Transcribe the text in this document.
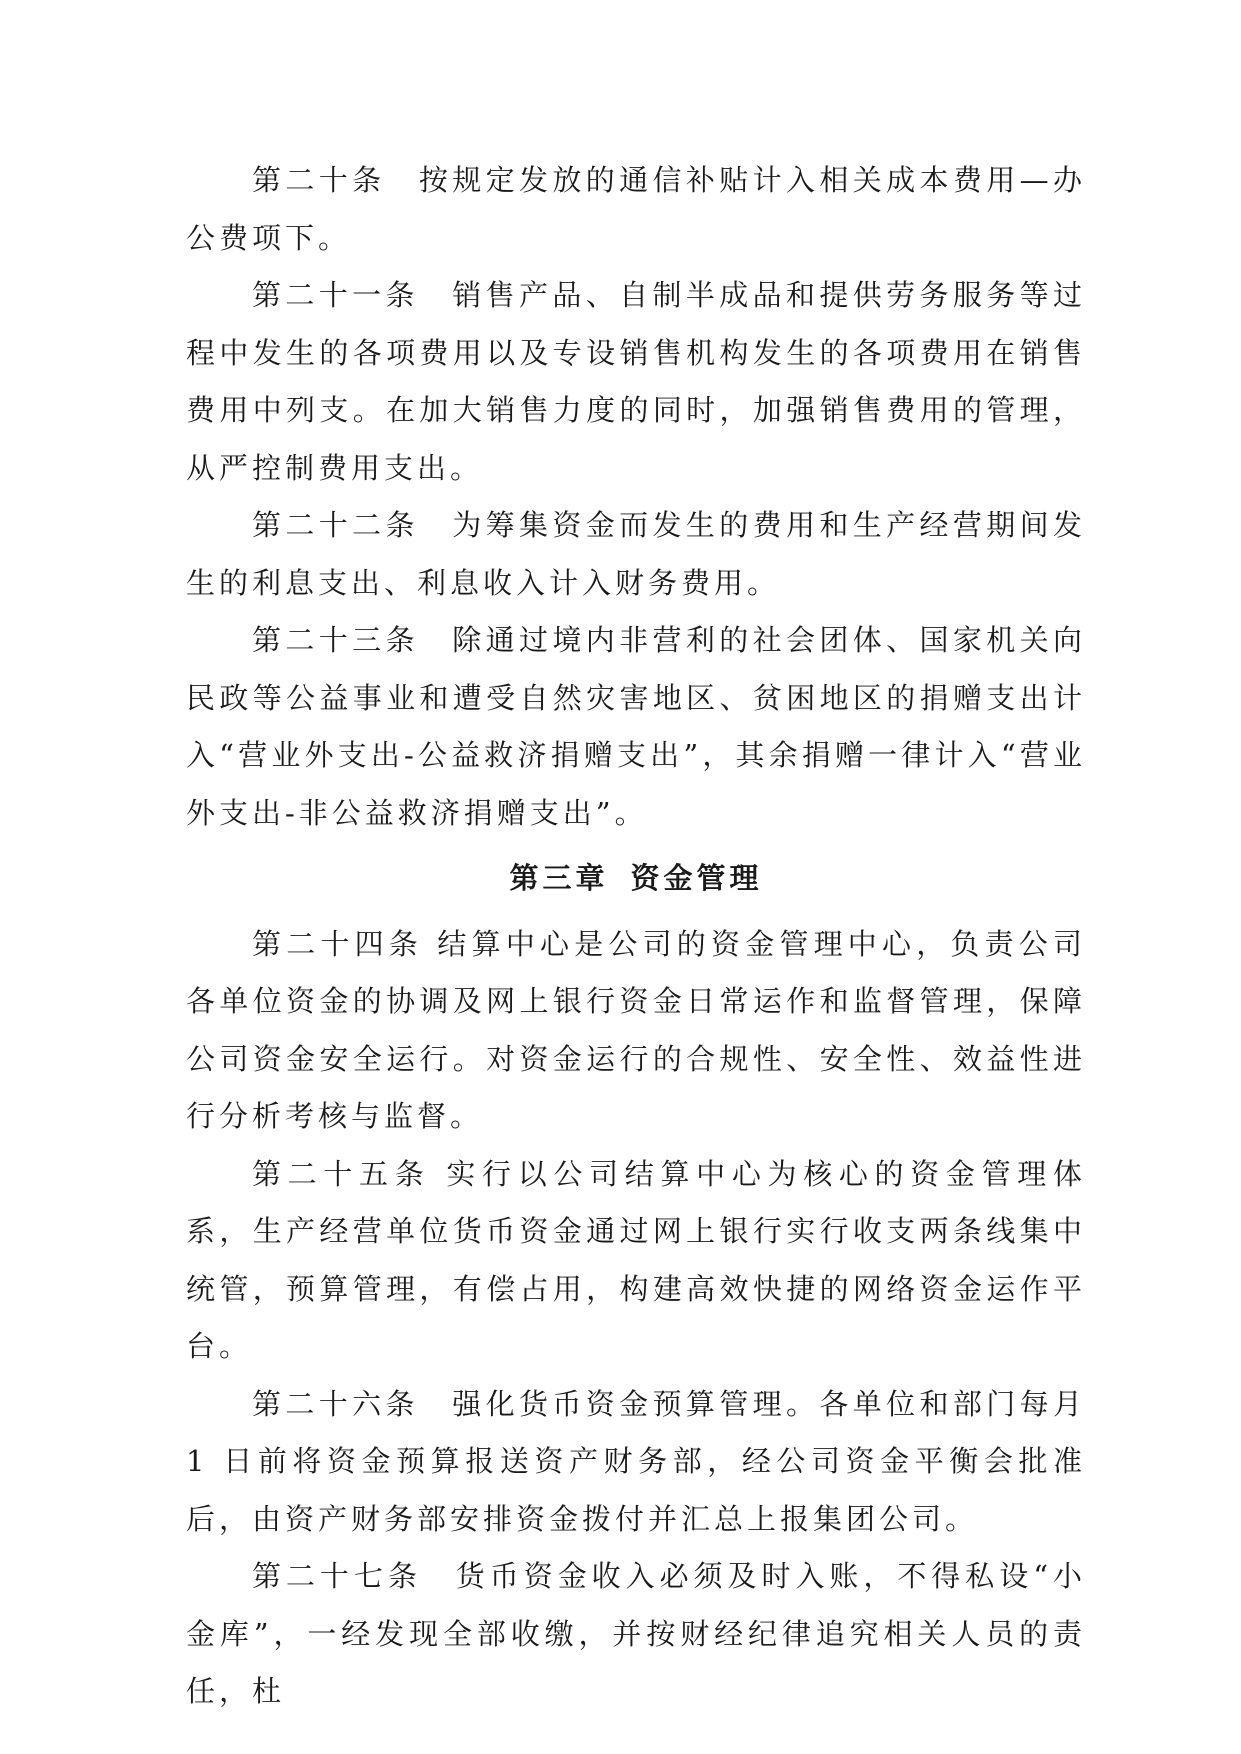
第二十条　 按规定发放的通信补贴计入相关成本费用—办公费项下。

第二十一条　 销售产品、自制半成品和提供劳务服务等过程中发生的各项费用以及专设销售机构发生的各项费用在销售费用中列支。在加大销售力度的同时，加强销售费用的管理，从严控制费用支出。

第二十二条　 为筹集资金而发生的费用和生产经营期间发生的利息支出、利息收入计入财务费用。

第二十三条　 除通过境内非营利的社会团体、国家机关向民政等公益事业和遭受自然灾害地区、贫困地区的捐赠支出计入“营业外支出-公益救济捐赠支出”，其余捐赠一律计入“营业外支出-非公益救济捐赠支出”。

第三章 资金管理

第二十四条 结算中心是公司的资金管理中心，负责公司各单位资金的协调及网上银行资金日常运作和监督管理，保障公司资金安全运行。对资金运行的合规性、安全性、效益性进行分析考核与监督。

第二十五条 实行以公司结算中心为核心的资金管理体系，生产经营单位货币资金通过网上银行实行收支两条线集中统管，预算管理，有偿占用，构建高效快捷的网络资金运作平台。

第二十六条　 强化货币资金预算管理。各单位和部门每月 1 日前将资金预算报送资产财务部，经公司资金平衡会批准后，由资产财务部安排资金拨付并汇总上报集团公司。

第二十七条　 货币资金收入必须及时入账，不得私设“小金库”，一经发现全部收缴，并按财经纪律追究相关人员的责任，杜
